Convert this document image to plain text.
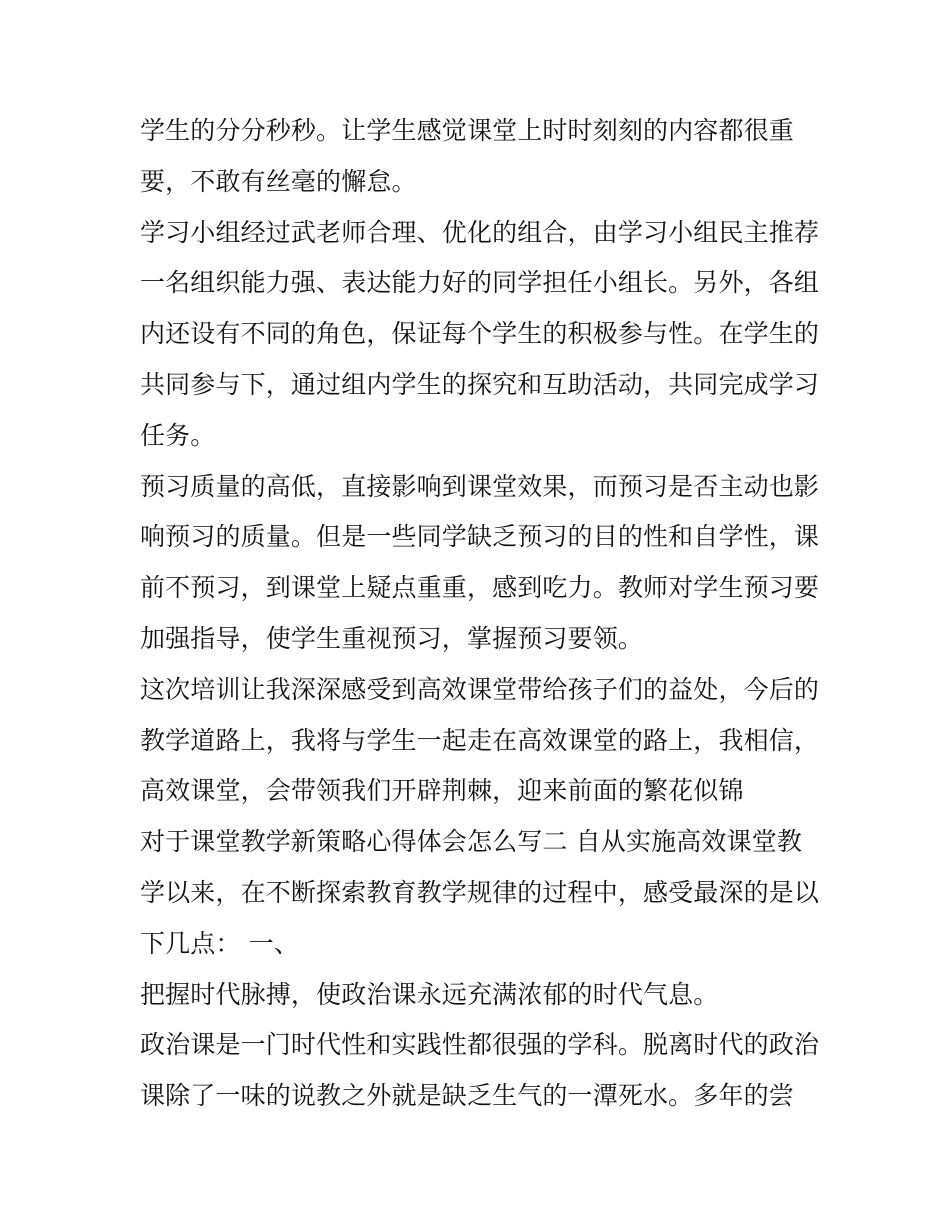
学生的分分秒秒。让学生感觉课堂上时时刻刻的内容都很重
要，不敢有丝毫的懈怠。
学习小组经过武老师合理、优化的组合，由学习小组民主推荐
一名组织能力强、表达能力好的同学担任小组长。另外，各组
内还设有不同的角色，保证每个学生的积极参与性。在学生的
共同参与下，通过组内学生的探究和互助活动，共同完成学习
任务。
预习质量的高低，直接影响到课堂效果，而预习是否主动也影
响预习的质量。但是一些同学缺乏预习的目的性和自学性，课
前不预习，到课堂上疑点重重，感到吃力。教师对学生预习要
加强指导，使学生重视预习，掌握预习要领。
这次培训让我深深感受到高效课堂带给孩子们的益处，今后的
教学道路上，我将与学生一起走在高效课堂的路上，我相信，
高效课堂，会带领我们开辟荆棘，迎来前面的繁花似锦
对于课堂教学新策略心得体会怎么写二 自从实施高效课堂教
学以来，在不断探索教育教学规律的过程中，感受最深的是以
下几点： 一、
把握时代脉搏，使政治课永远充满浓郁的时代气息。
政治课是一门时代性和实践性都很强的学科。脱离时代的政治
课除了一味的说教之外就是缺乏生气的一潭死水。多年的尝
